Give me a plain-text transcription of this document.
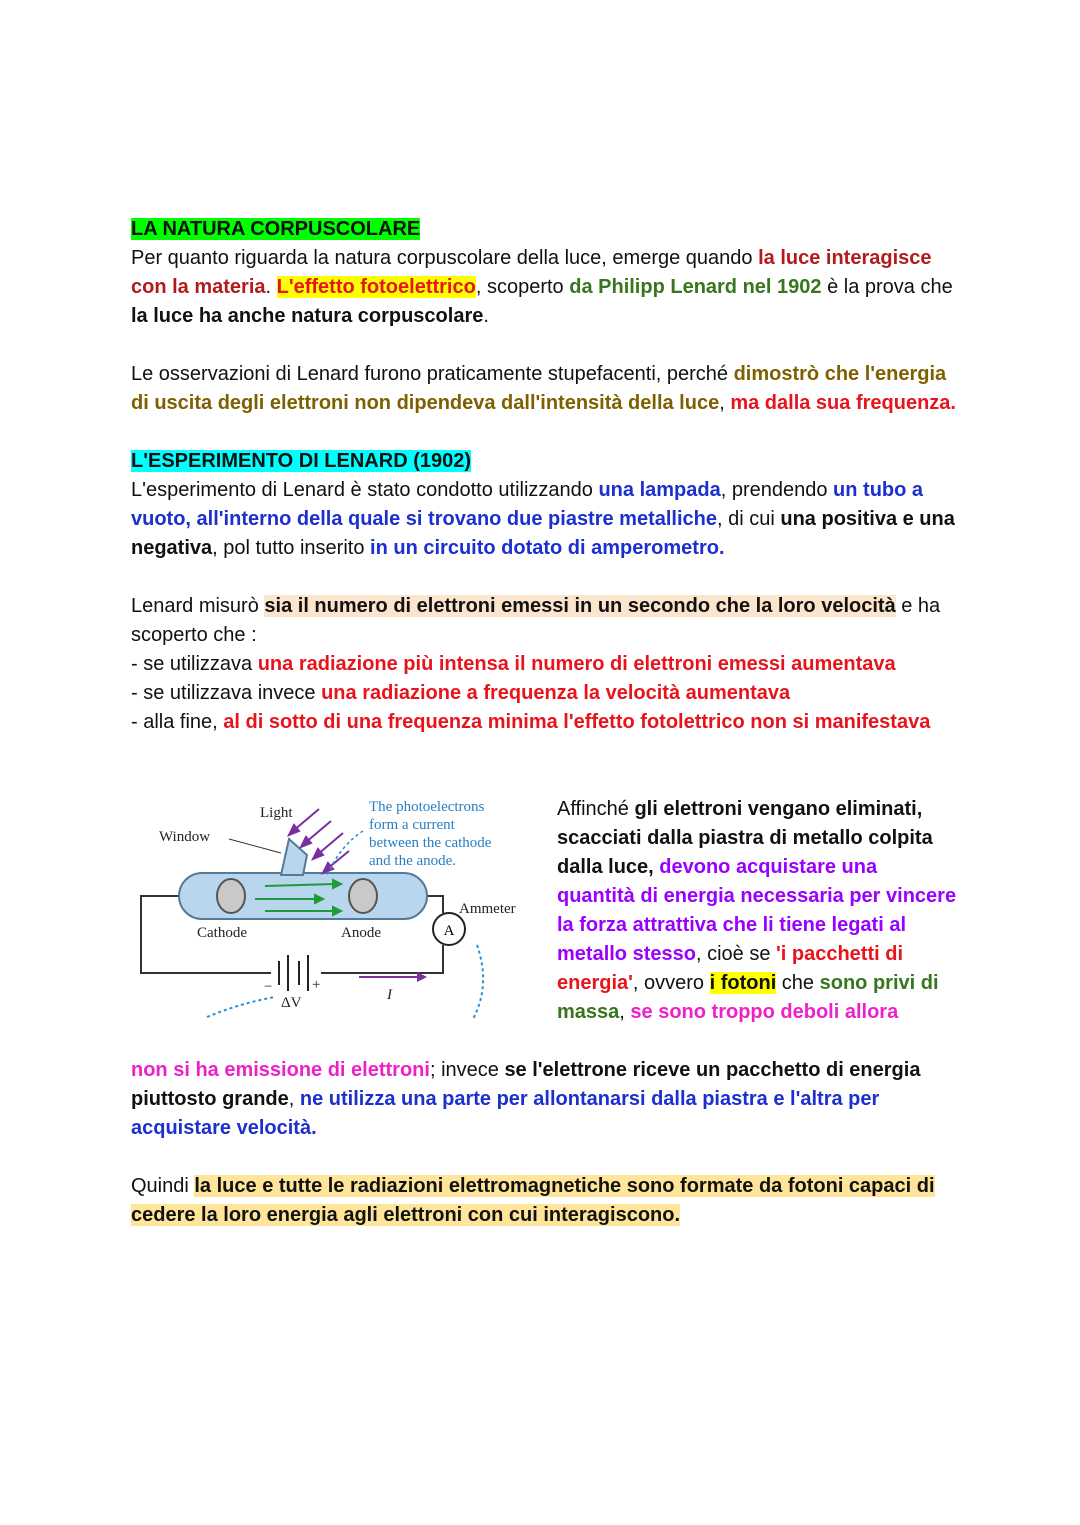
LA NATURA CORPUSCOLARE

Per quanto riguarda la natura corpuscolare della luce, emerge quando la luce interagisce con la materia. L'effetto fotoelettrico, scoperto da Philipp Lenard nel 1902 è la prova che la luce ha anche natura corpuscolare.

Le osservazioni di Lenard furono praticamente stupefacenti, perché dimostrò che l'energia di uscita degli elettroni non dipendeva dall'intensità della luce, ma dalla sua frequenza.

L'ESPERIMENTO DI LENARD (1902)

L'esperimento di Lenard è stato condotto utilizzando una lampada, prendendo un tubo a vuoto, all'interno della quale si trovano due piastre metalliche, di cui una positiva e una negativa, pol tutto inserito in un circuito dotato di amperometro.

Lenard misurò sia il numero di elettroni emessi in un secondo che la loro velocità e ha scoperto che :

- se utilizzava una radiazione più intensa il numero di elettroni emessi aumentava

- se utilizzava invece una radiazione a frequenza la velocità aumentava

- alla fine, al di sotto di una frequenza minima l'effetto fotolettrico non si manifestava

A
Light
Window
The photoelectrons
form a current
between the cathode
and the anode.
Ammeter
Cathode	Anode
−	+
ΔV	I
Affinché gli elettroni vengano eliminati, scacciati dalla piastra di metallo colpita dalla luce, devono acquistare una quantità di energia necessaria per vincere la forza attrattiva che li tiene legati al metallo stesso, cioè se 'i pacchetti di energia', ovvero i fotoni che sono privi di massa, se sono troppo deboli allora

non si ha emissione di elettroni; invece se l'elettrone riceve un pacchetto di energia piuttosto grande, ne utilizza una parte per allontanarsi dalla piastra e l'altra per acquistare velocità.

Quindi la luce e tutte le radiazioni elettromagnetiche sono formate da fotoni capaci di cedere la loro energia agli elettroni con cui interagiscono.
